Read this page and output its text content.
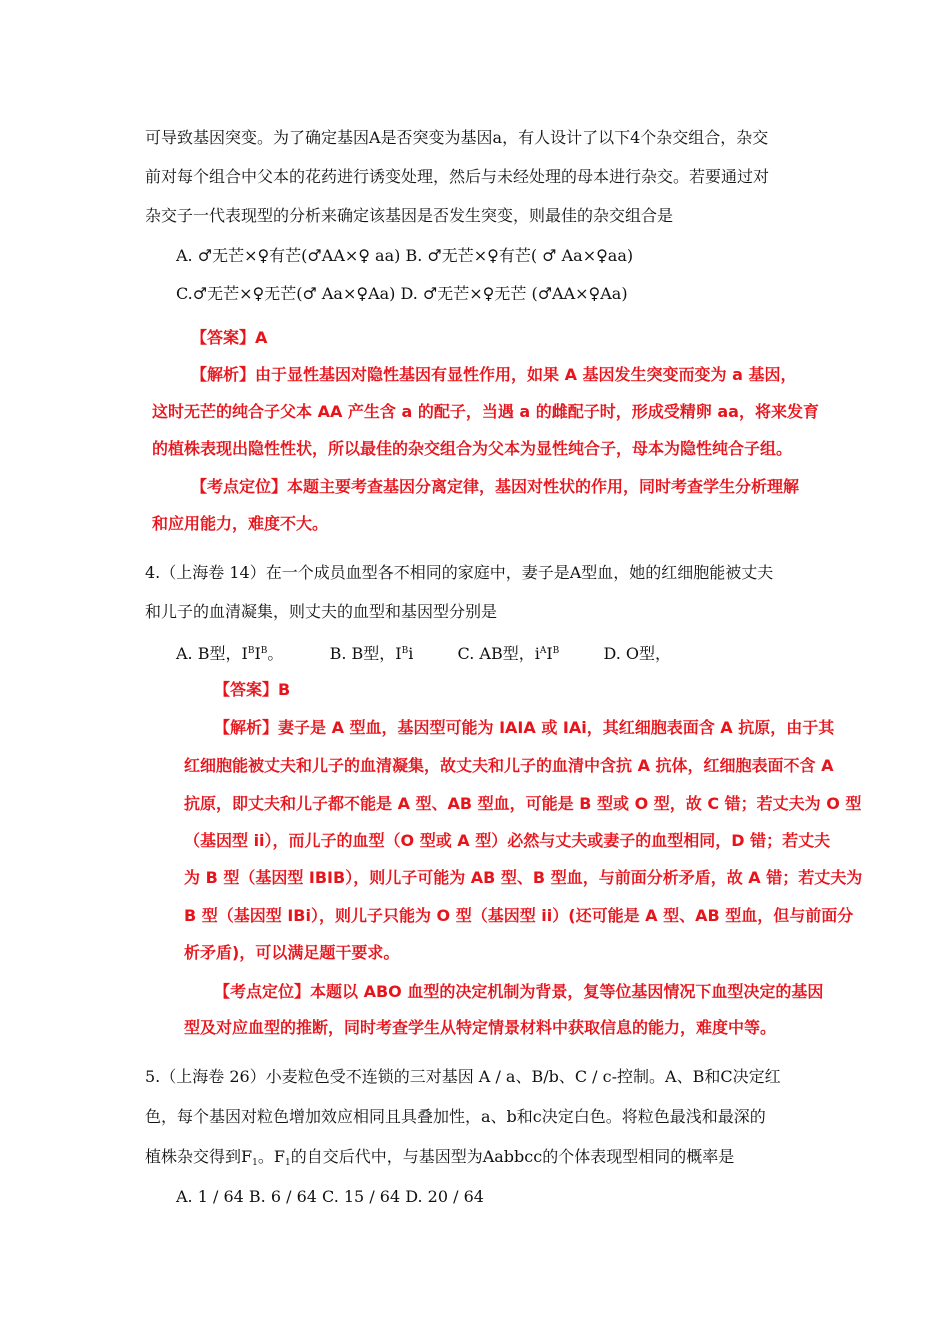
可导致基因突变。为了确定基因A是否突变为基因a，有人设计了以下4个杂交组合，杂交
前对每个组合中父本的花药进行诱变处理，然后与未经处理的母本进行杂交。若要通过对
杂交子一代表现型的分析来确定该基因是否发生突变，则最佳的杂交组合是
A. ♂无芒×♀有芒(♂AA×♀ aa) B. ♂无芒×♀有芒( ♂ Aa×♀aa)
C.♂无芒×♀无芒(♂ Aa×♀Aa) D. ♂无芒×♀无芒 (♂AA×♀Aa)
【答案】A
【解析】由于显性基因对隐性基因有显性作用，如果 A 基因发生突变而变为 a 基因，
这时无芒的纯合子父本 AA 产生含 a 的配子，当遇 a 的雌配子时，形成受精卵 aa，将来发育
的植株表现出隐性性状，所以最佳的杂交组合为父本为显性纯合子，母本为隐性纯合子组。
【考点定位】本题主要考查基因分离定律，基因对性状的作用，同时考查学生分析理解
和应用能力，难度不大。
4.（上海卷 14）在一个成员血型各不相同的家庭中，妻子是A型血，她的红细胞能被丈夫
和儿子的血清凝集，则丈夫的血型和基因型分别是
A. B型，$I^BI^B$。	B. B型，$I^Bi$	C. AB型，$i^AI^B$	D. O型，
【答案】B
【解析】妻子是 A 型血，基因型可能为 IAIA 或 IAi，其红细胞表面含 A 抗原，由于其
红细胞能被丈夫和儿子的血清凝集，故丈夫和儿子的血清中含抗 A 抗体，红细胞表面不含 A
抗原，即丈夫和儿子都不能是 A 型、AB 型血，可能是 B 型或 O 型，故 C 错；若丈夫为 O 型
（基因型 ii），而儿子的血型（O 型或 A 型）必然与丈夫或妻子的血型相同，D 错；若丈夫
为 B 型（基因型 IBIB），则儿子可能为 AB 型、B 型血，与前面分析矛盾，故 A 错；若丈夫为
B 型（基因型 IBi），则儿子只能为 O 型（基因型 ii）(还可能是 A 型、AB 型血，但与前面分
析矛盾)，可以满足题干要求。
【考点定位】本题以 ABO 血型的决定机制为背景，复等位基因情况下血型决定的基因
型及对应血型的推断，同时考查学生从特定情景材料中获取信息的能力，难度中等。
5.（上海卷 26）小麦粒色受不连锁的三对基因 A / a、B/b、C / c-控制。A、B和C决定红
色，每个基因对粒色增加效应相同且具叠加性，a、b和c决定白色。将粒色最浅和最深的
植株杂交得到$F_1$。$F_1$的自交后代中，与基因型为Aabbcc的个体表现型相同的概率是
A. 1 / 64 B. 6 / 64 C. 15 / 64 D. 20 / 64
